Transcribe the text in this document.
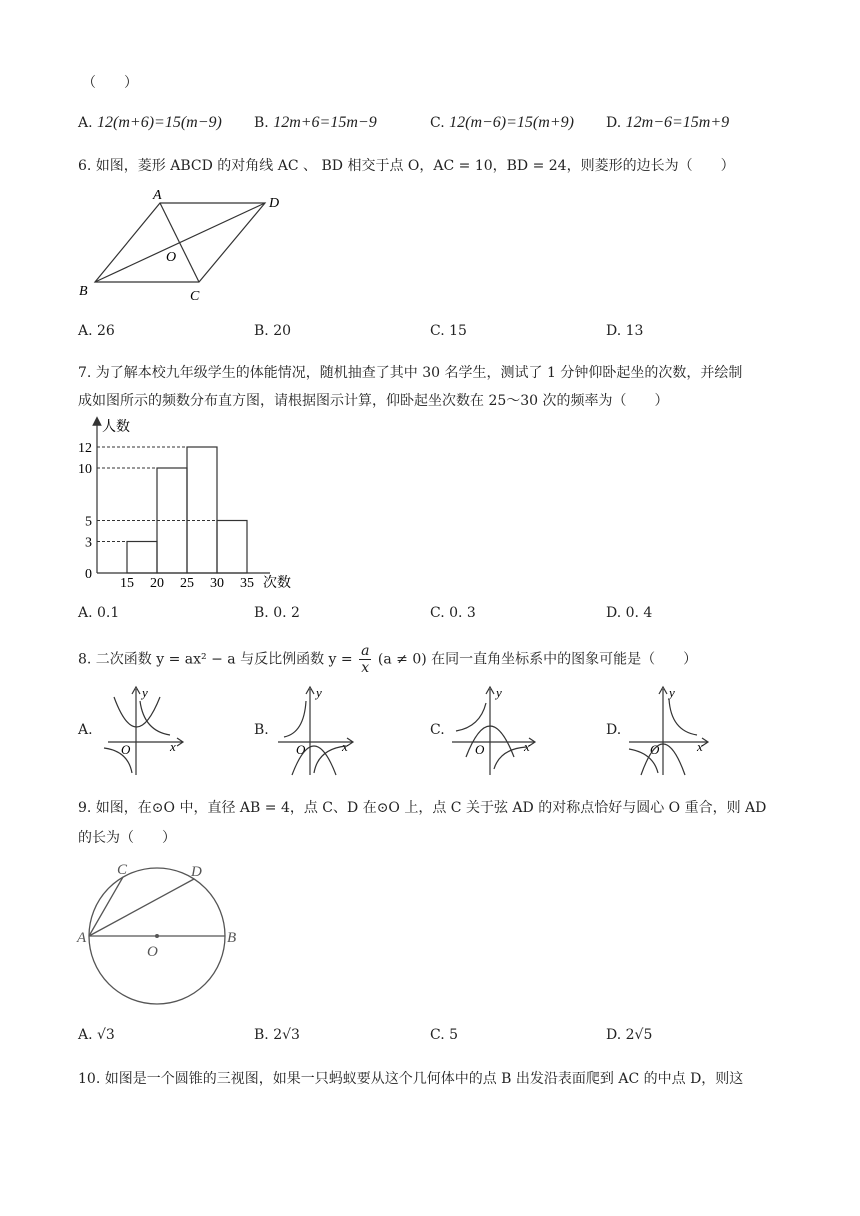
（　　）
A. 12(m+6)=15(m−9) B. 12m+6=15m−9	C. 12(m−6)=15(m+9) D. 12m−6=15m+9
6. 如图，菱形 ABCD 的对角线 AC 、 BD 相交于点 O，AC = 10，BD = 24，则菱形的边长为（　　）
A
D
O
B	C
A. 26	B. 20	C. 15	D. 13
7. 为了解本校九年级学生的体能情况，随机抽查了其中 30 名学生，测试了 1 分钟仰卧起坐的次数，并绘制
成如图所示的频数分布直方图，请根据图示计算，仰卧起坐次数在 25～30 次的频率为（　　）
人数
次数
15 20 25 30 35
0
3
5
10
12
A. 0.1	B. 0. 2	C. 0. 3	D. 0. 4
8. 二次函数 y = ax² − a 与反比例函数 $y = \frac{a}{x} (a \ne 0)$ 在同一直角坐标系中的图象可能是（　　）
A.	B.	C.	D.
y
x
O
y
x
O
y
x
O
y
x
O
9. 如图，在⊙O 中，直径 AB = 4，点 C、D 在⊙O 上，点 C 关于弦 AD 的对称点恰好与圆心 O 重合，则 AD
的长为（　　）
A	B
C	D
O
A. √3	B. 2√3	C. 5	D. 2√5
10. 如图是一个圆锥的三视图，如果一只蚂蚁要从这个几何体中的点 B 出发沿表面爬到 AC 的中点 D，则这
